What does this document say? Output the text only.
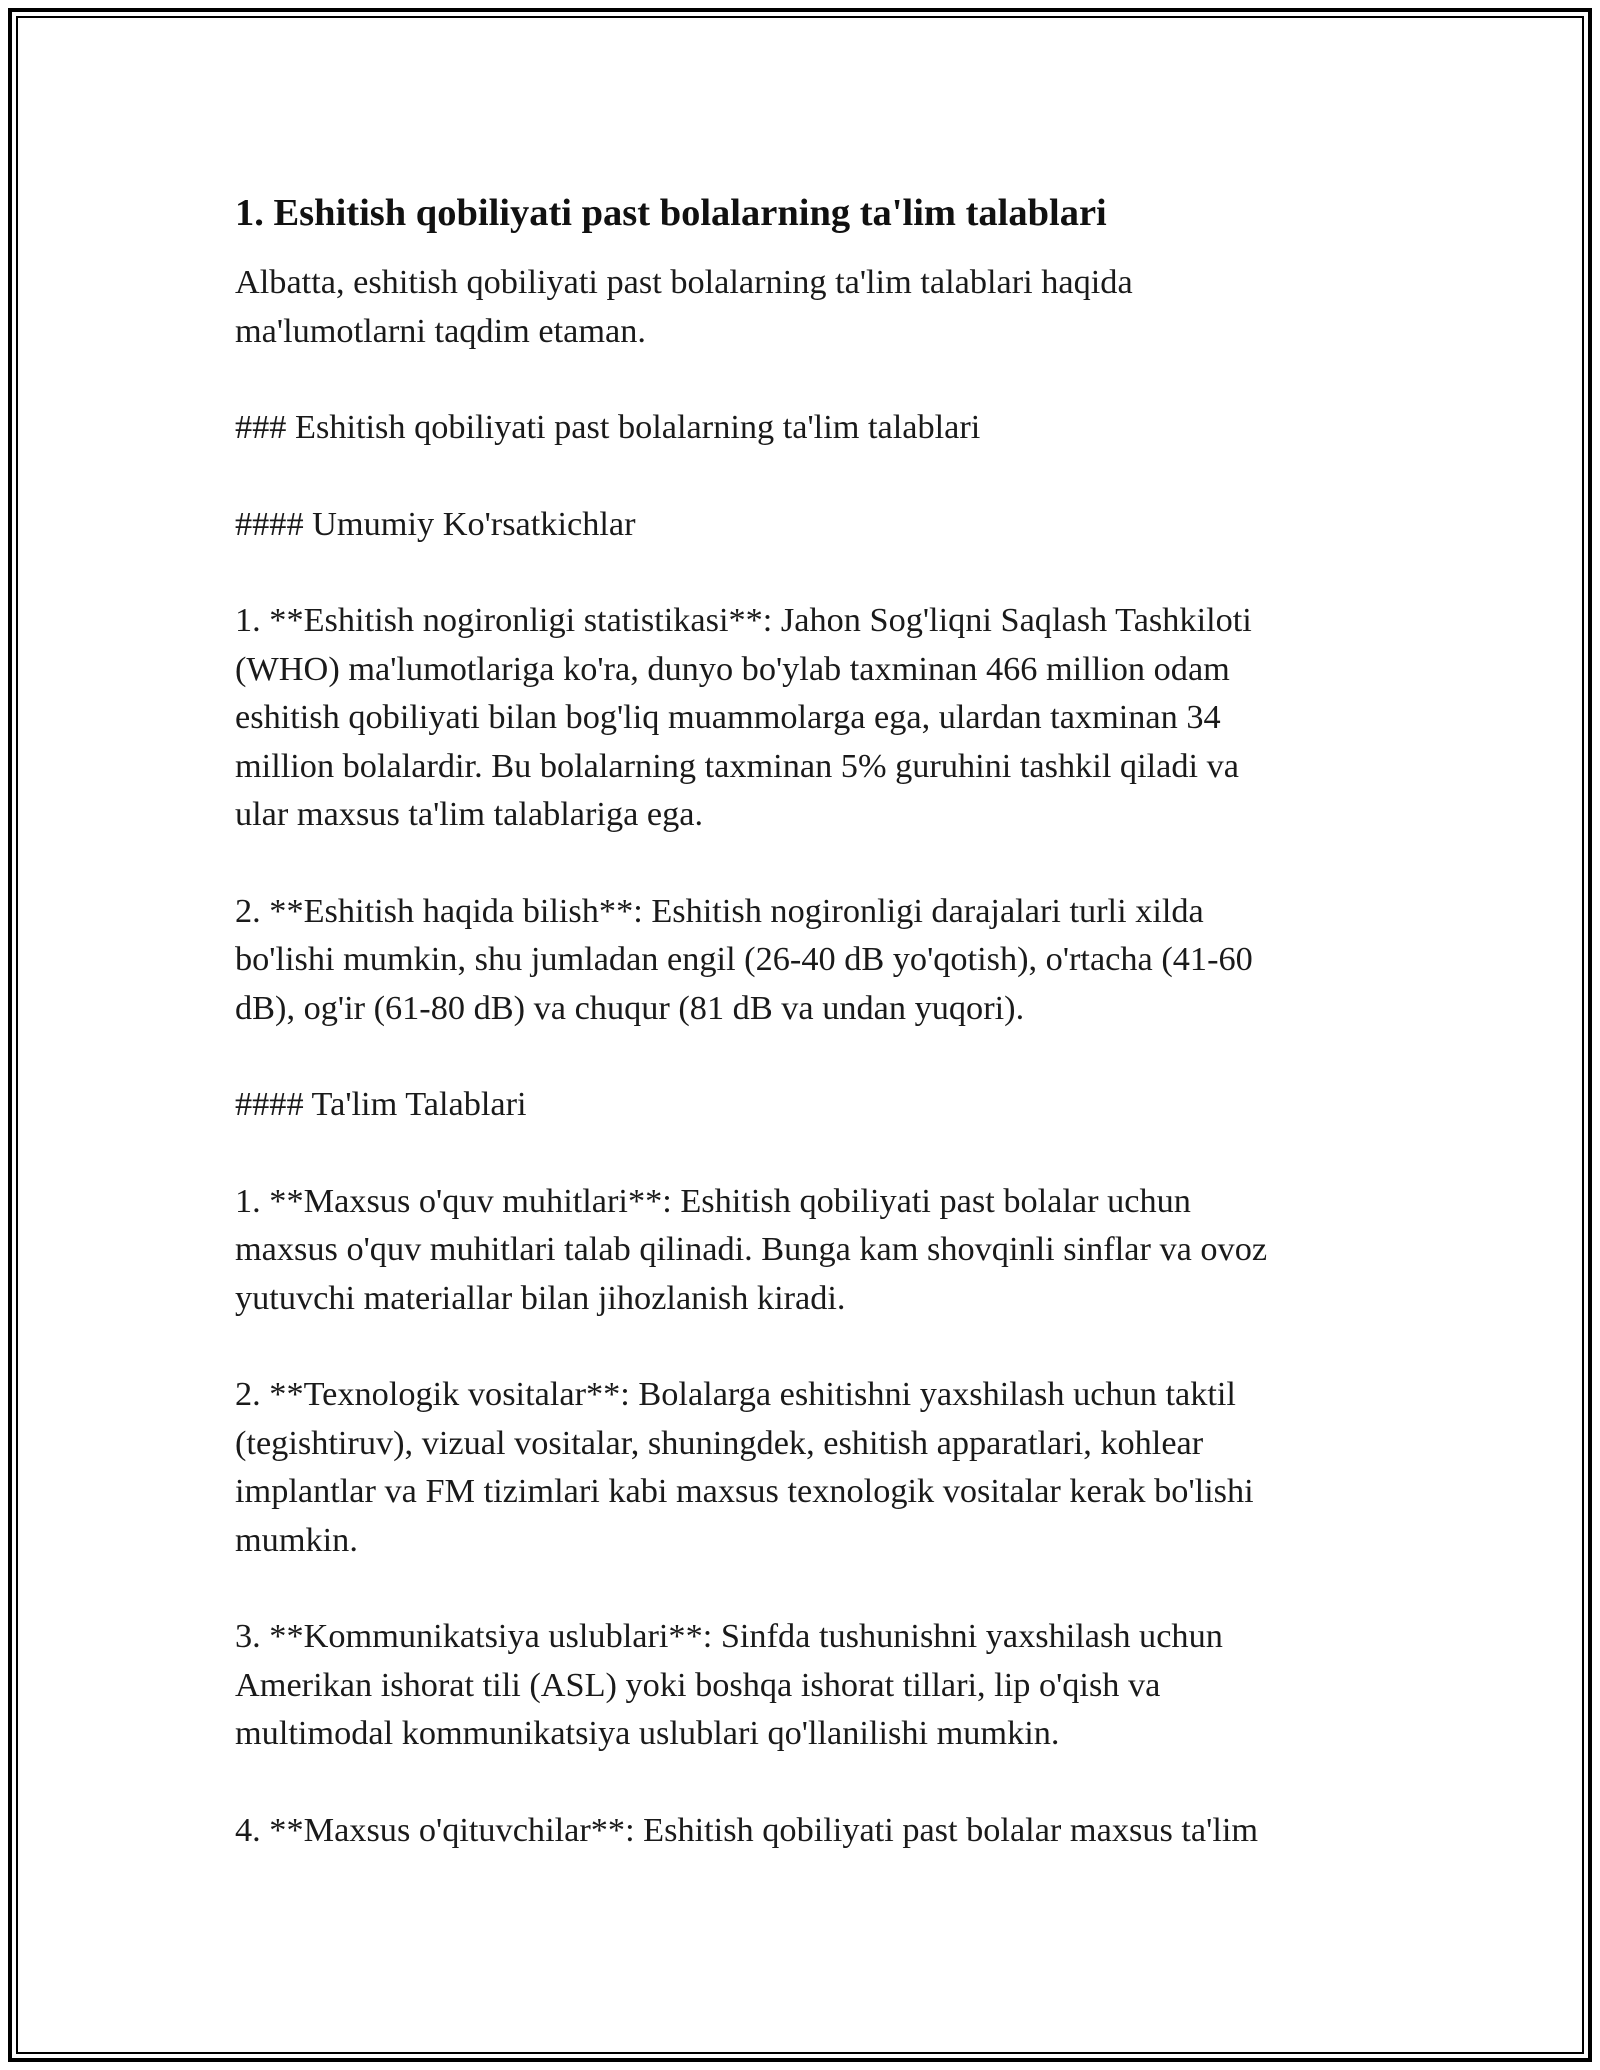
1. Eshitish qobiliyati past bolalarning ta'lim talablari
Albatta, eshitish qobiliyati past bolalarning ta'lim talablari haqida
ma'lumotlarni taqdim etaman.
### Eshitish qobiliyati past bolalarning ta'lim talablari
#### Umumiy Ko'rsatkichlar
1. **Eshitish nogironligi statistikasi**: Jahon Sog'liqni Saqlash Tashkiloti
(WHO) ma'lumotlariga ko'ra, dunyo bo'ylab taxminan 466 million odam
eshitish qobiliyati bilan bog'liq muammolarga ega, ulardan taxminan 34
million bolalardir. Bu bolalarning taxminan 5% guruhini tashkil qiladi va
ular maxsus ta'lim talablariga ega.
2. **Eshitish haqida bilish**: Eshitish nogironligi darajalari turli xilda
bo'lishi mumkin, shu jumladan engil (26-40 dB yo'qotish), o'rtacha (41-60
dB), og'ir (61-80 dB) va chuqur (81 dB va undan yuqori).
#### Ta'lim Talablari
1. **Maxsus o'quv muhitlari**: Eshitish qobiliyati past bolalar uchun
maxsus o'quv muhitlari talab qilinadi. Bunga kam shovqinli sinflar va ovoz
yutuvchi materiallar bilan jihozlanish kiradi.
2. **Texnologik vositalar**: Bolalarga eshitishni yaxshilash uchun taktil
(tegishtiruv), vizual vositalar, shuningdek, eshitish apparatlari, kohlear
implantlar va FM tizimlari kabi maxsus texnologik vositalar kerak bo'lishi
mumkin.
3. **Kommunikatsiya uslublari**: Sinfda tushunishni yaxshilash uchun
Amerikan ishorat tili (ASL) yoki boshqa ishorat tillari, lip o'qish va
multimodal kommunikatsiya uslublari qo'llanilishi mumkin.
4. **Maxsus o'qituvchilar**: Eshitish qobiliyati past bolalar maxsus ta'lim
